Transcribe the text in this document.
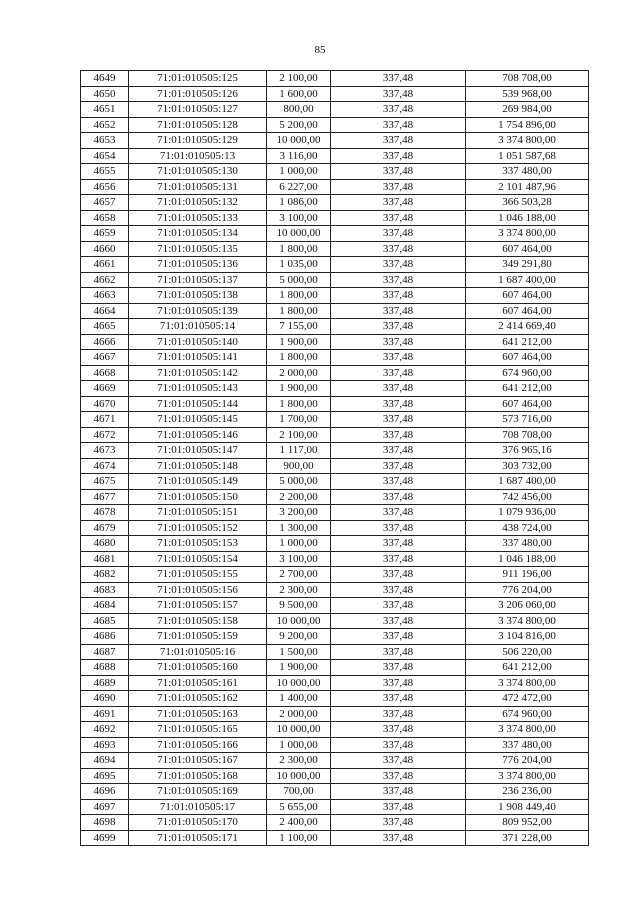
85
4649	71:01:010505:125	2 100,00	337,48	708 708,00
4650	71:01:010505:126	1 600,00	337,48	539 968,00
4651	71:01:010505:127	800,00	337,48	269 984,00
4652	71:01:010505:128	5 200,00	337,48	1 754 896,00
4653	71:01:010505:129	10 000,00	337,48	3 374 800,00
4654	71:01:010505:13	3 116,00	337,48	1 051 587,68
4655	71:01:010505:130	1 000,00	337,48	337 480,00
4656	71:01:010505:131	6 227,00	337,48	2 101 487,96
4657	71:01:010505:132	1 086,00	337,48	366 503,28
4658	71:01:010505:133	3 100,00	337,48	1 046 188,00
4659	71:01:010505:134	10 000,00	337,48	3 374 800,00
4660	71:01:010505:135	1 800,00	337,48	607 464,00
4661	71:01:010505:136	1 035,00	337,48	349 291,80
4662	71:01:010505:137	5 000,00	337,48	1 687 400,00
4663	71:01:010505:138	1 800,00	337,48	607 464,00
4664	71:01:010505:139	1 800,00	337,48	607 464,00
4665	71:01:010505:14	7 155,00	337,48	2 414 669,40
4666	71:01:010505:140	1 900,00	337,48	641 212,00
4667	71:01:010505:141	1 800,00	337,48	607 464,00
4668	71:01:010505:142	2 000,00	337,48	674 960,00
4669	71:01:010505:143	1 900,00	337,48	641 212,00
4670	71:01:010505:144	1 800,00	337,48	607 464,00
4671	71:01:010505:145	1 700,00	337,48	573 716,00
4672	71:01:010505:146	2 100,00	337,48	708 708,00
4673	71:01:010505:147	1 117,00	337,48	376 965,16
4674	71:01:010505:148	900,00	337,48	303 732,00
4675	71:01:010505:149	5 000,00	337,48	1 687 400,00
4677	71:01:010505:150	2 200,00	337,48	742 456,00
4678	71:01:010505:151	3 200,00	337,48	1 079 936,00
4679	71:01:010505:152	1 300,00	337,48	438 724,00
4680	71:01:010505:153	1 000,00	337,48	337 480,00
4681	71:01:010505:154	3 100,00	337,48	1 046 188,00
4682	71:01:010505:155	2 700,00	337,48	911 196,00
4683	71:01:010505:156	2 300,00	337,48	776 204,00
4684	71:01:010505:157	9 500,00	337,48	3 206 060,00
4685	71:01:010505:158	10 000,00	337,48	3 374 800,00
4686	71:01:010505:159	9 200,00	337,48	3 104 816,00
4687	71:01:010505:16	1 500,00	337,48	506 220,00
4688	71:01:010505:160	1 900,00	337,48	641 212,00
4689	71:01:010505:161	10 000,00	337,48	3 374 800,00
4690	71:01:010505:162	1 400,00	337,48	472 472,00
4691	71:01:010505:163	2 000,00	337,48	674 960,00
4692	71:01:010505:165	10 000,00	337,48	3 374 800,00
4693	71:01:010505:166	1 000,00	337,48	337 480,00
4694	71:01:010505:167	2 300,00	337,48	776 204,00
4695	71:01:010505:168	10 000,00	337,48	3 374 800,00
4696	71:01:010505:169	700,00	337,48	236 236,00
4697	71:01:010505:17	5 655,00	337,48	1 908 449,40
4698	71:01:010505:170	2 400,00	337,48	809 952,00
4699	71:01:010505:171	1 100,00	337,48	371 228,00
